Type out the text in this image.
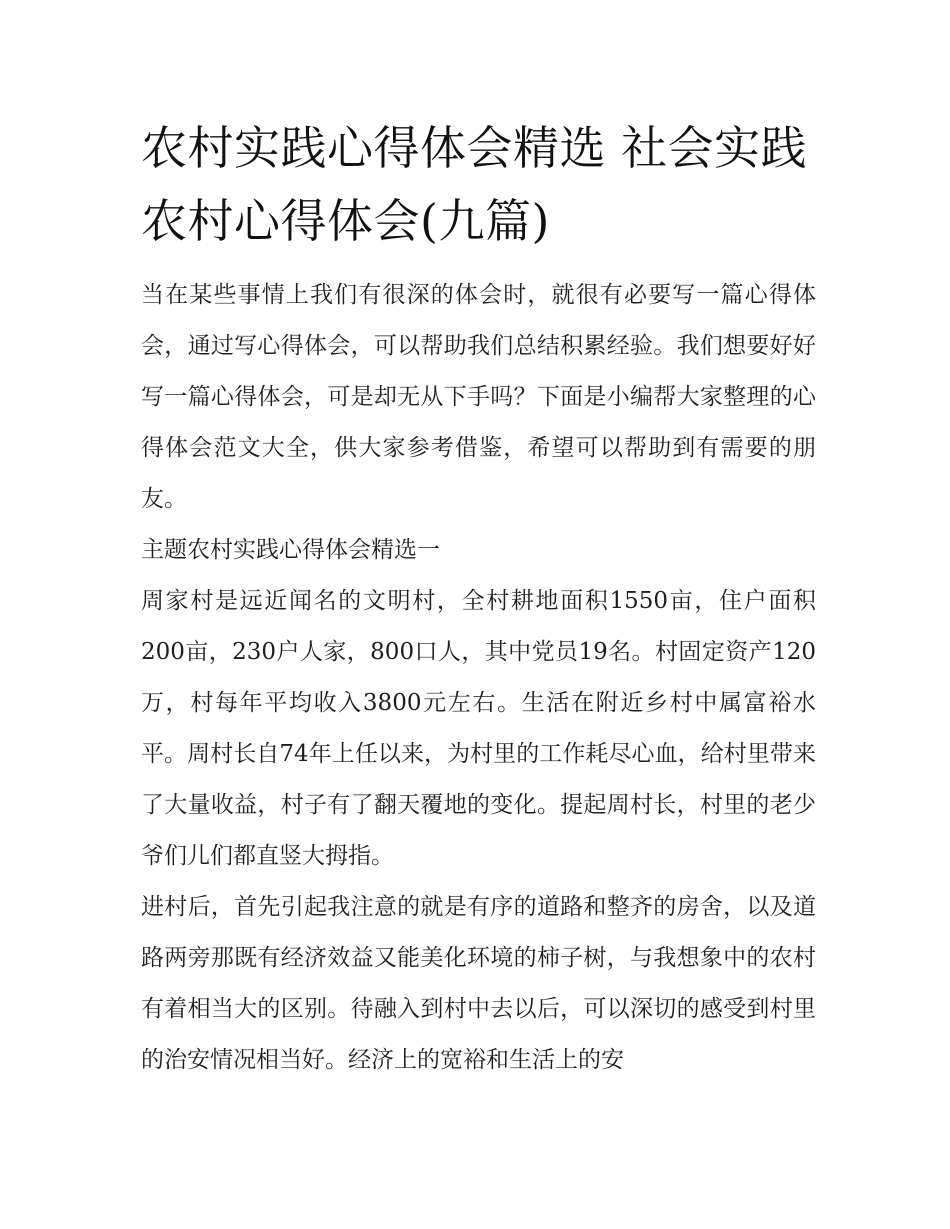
农村实践心得体会精选 社会实践农村心得体会(九篇)

当在某些事情上我们有很深的体会时，就很有必要写一篇心得体会，通过写心得体会，可以帮助我们总结积累经验。我们想要好好写一篇心得体会，可是却无从下手吗？下面是小编帮大家整理的心得体会范文大全，供大家参考借鉴，希望可以帮助到有需要的朋友。

主题农村实践心得体会精选一

周家村是远近闻名的文明村，全村耕地面积1550亩，住户面积200亩，230户人家，800口人，其中党员19名。村固定资产120万，村每年平均收入3800元左右。生活在附近乡村中属富裕水平。周村长自74年上任以来，为村里的工作耗尽心血，给村里带来了大量收益，村子有了翻天覆地的变化。提起周村长，村里的老少爷们儿们都直竖大拇指。

进村后，首先引起我注意的就是有序的道路和整齐的房舍，以及道路两旁那既有经济效益又能美化环境的柿子树，与我想象中的农村有着相当大的区别。待融入到村中去以后，可以深切的感受到村里的治安情况相当好。经济上的宽裕和生活上的安
